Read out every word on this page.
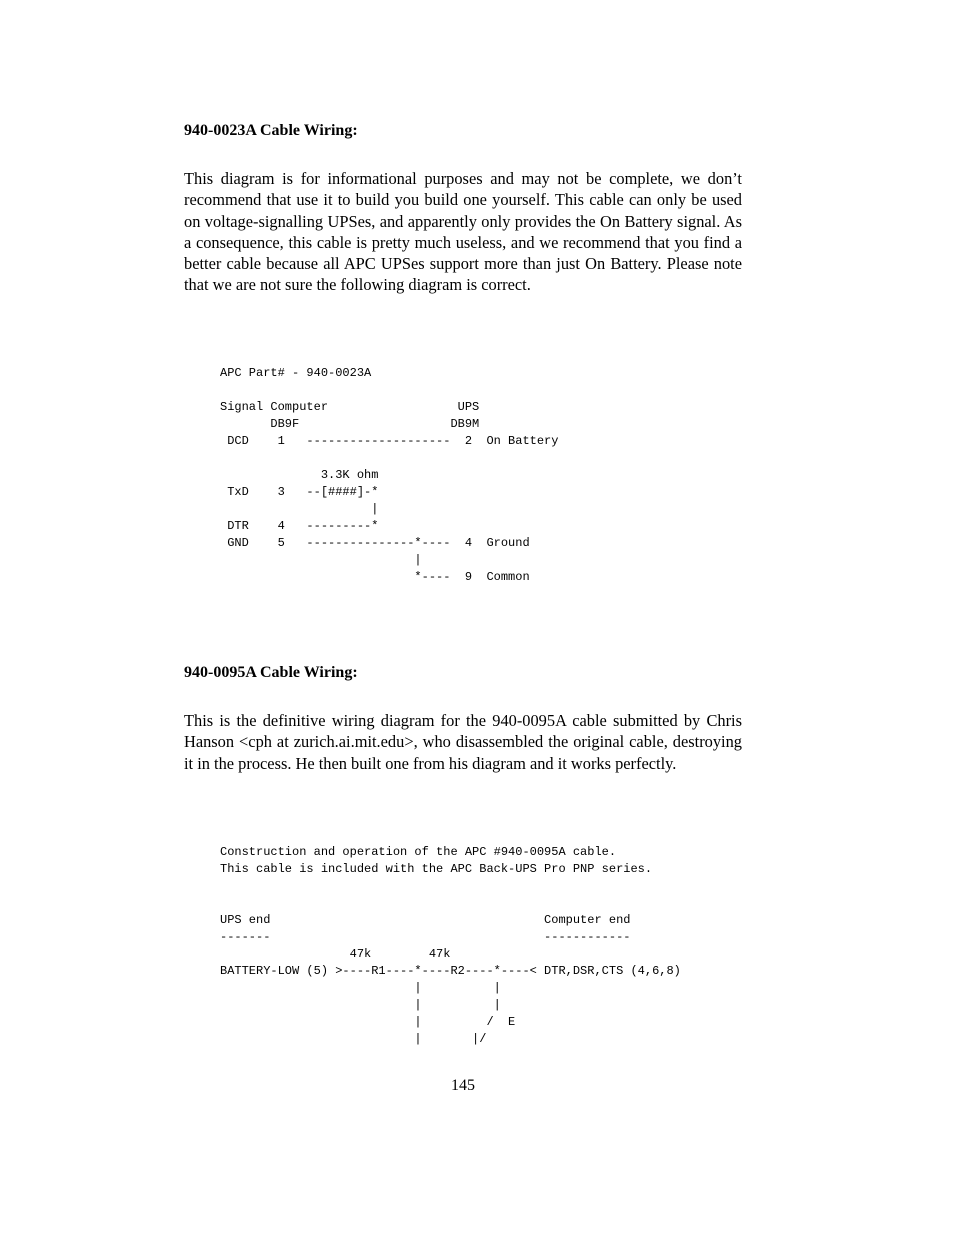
940-0023A Cable Wiring:
This diagram is for informational purposes and may not be complete, we don’t recommend that use it to build you build one yourself. This cable can only be used on voltage-signalling UPSes, and apparently only provides the On Battery signal. As a consequence, this cable is pretty much useless, and we recommend that you find a better cable because all APC UPSes support more than just On Battery. Please note that we are not sure the following diagram is correct.
APC Part# - 940-0023A

Signal Computer                  UPS
DB9F                     DB9M
DCD    1   --------------------  2  On Battery

3.3K ohm
TxD    3   --[####]-*
|
DTR    4   ---------*
GND    5   ---------------*----  4  Ground
|
*----  9  Common
940-0095A Cable Wiring:
This is the definitive wiring diagram for the 940-0095A cable submitted by Chris Hanson <cph at zurich.ai.mit.edu>, who disassembled the original cable, destroying it in the process. He then built one from his diagram and it works perfectly.
Construction and operation of the APC #940-0095A cable.
This cable is included with the APC Back-UPS Pro PNP series.

UPS end                                      Computer end
-------                                      ------------
47k        47k
BATTERY-LOW (5) >----R1----*----R2----*----< DTR,DSR,CTS (4,6,8)
|          |
|          |
|         /  E
|       |/
145
